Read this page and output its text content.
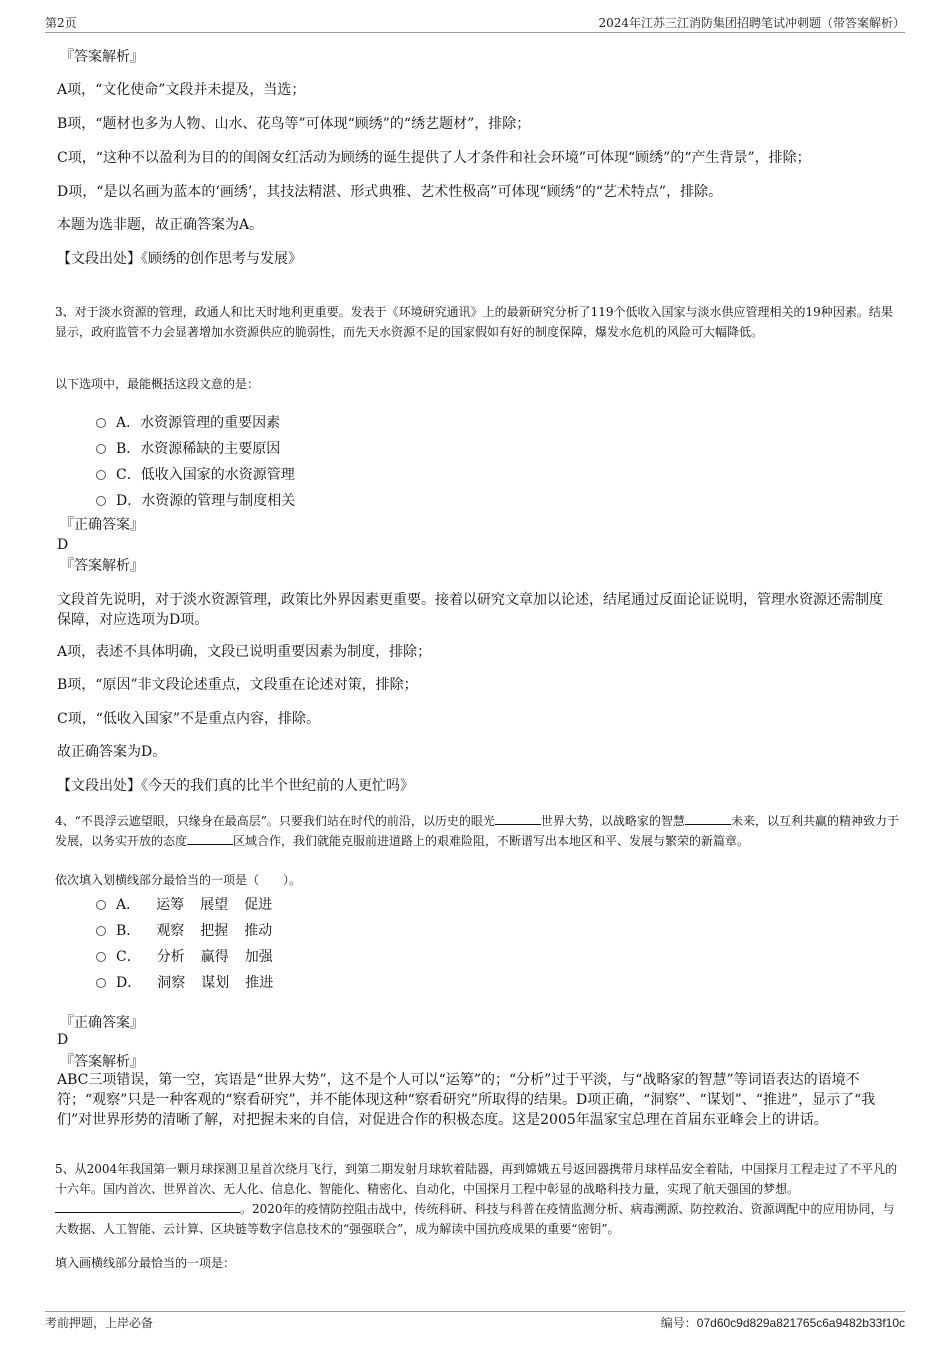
第2页	2024年江苏三江消防集团招聘笔试冲刺题（带答案解析）
『答案解析』
A项，“文化使命”文段并未提及，当选；
B项，“题材也多为人物、山水、花鸟等”可体现“顾绣”的“绣艺题材”，排除；
C项，“这种不以盈利为目的的闺阁女红活动为顾绣的诞生提供了人才条件和社会环境”可体现“顾绣”的“产生背景”，排除；
D项，“是以名画为蓝本的‘画绣’，其技法精湛、形式典雅、艺术性极高”可体现“顾绣”的“艺术特点”，排除。
本题为选非题，故正确答案为A。
【文段出处】《顾绣的创作思考与发展》
3、对于淡水资源的管理，政通人和比天时地利更重要。发表于《环境研究通讯》上的最新研究分析了119个低收入国家与淡水供应管理相关的19种因素。结果显示，政府监管不力会显著增加水资源供应的脆弱性，而先天水资源不足的国家假如有好的制度保障，爆发水危机的风险可大幅降低。
以下选项中，最能概括这段文意的是：
A．水资源管理的重要因素
B．水资源稀缺的主要原因
C．低收入国家的水资源管理
D．水资源的管理与制度相关
『正确答案』
D
『答案解析』
文段首先说明，对于淡水资源管理，政策比外界因素更重要。接着以研究文章加以论述，结尾通过反面论证说明，管理水资源还需制度保障，对应选项为D项。
A项，表述不具体明确，文段已说明重要因素为制度，排除；
B项，“原因”非文段论述重点，文段重在论述对策，排除；
C项，“低收入国家”不是重点内容，排除。
故正确答案为D。
【文段出处】《今天的我们真的比半个世纪前的人更忙吗》
4、“不畏浮云遮望眼，只缘身在最高层”。只要我们站在时代的前沿，以历史的眼光	世界大势，以战略家的智慧	未来，以互利共赢的精神致力于发展，以务实开放的态度	区域合作，我们就能克服前进道路上的艰难险阻，不断谱写出本地区和平、发展与繁荣的新篇章。
依次填入划横线部分最恰当的一项是（　　）。
A． 运筹 展望 促进
B． 观察 把握 推动
C． 分析 赢得 加强
D． 洞察 谋划 推进
『正确答案』
D
『答案解析』
ABC三项错误，第一空，宾语是“世界大势”，这不是个人可以“运筹”的；“分析”过于平淡，与“战略家的智慧”等词语表达的语境不符；“观察”只是一种客观的“察看研究”，并不能体现这种“察看研究”所取得的结果。D项正确，“洞察”、“谋划”、“推进”，显示了“我们”对世界形势的清晰了解，对把握未来的自信，对促进合作的积极态度。这是2005年温家宝总理在首届东亚峰会上的讲话。
5、从2004年我国第一颗月球探测卫星首次绕月飞行，到第二期发射月球软着陆器，再到嫦娥五号返回器携带月球样品安全着陆，中国探月工程走过了不平凡的十六年。国内首次、世界首次、无人化、信息化、智能化、精密化、自动化，中国探月工程中彰显的战略科技力量，实现了航天强国的梦想。。2020年的疫情防控阻击战中，传统科研、科技与科普在疫情监测分析、病毒溯源、防控救治、资源调配中的应用协同，与大数据、人工智能、云计算、区块链等数字信息技术的“强强联合”，成为解读中国抗疫成果的重要“密钥”。
填入画横线部分最恰当的一项是：
考前押题，上岸必备	编号：07d60c9d829a821765c6a9482b33f10c
